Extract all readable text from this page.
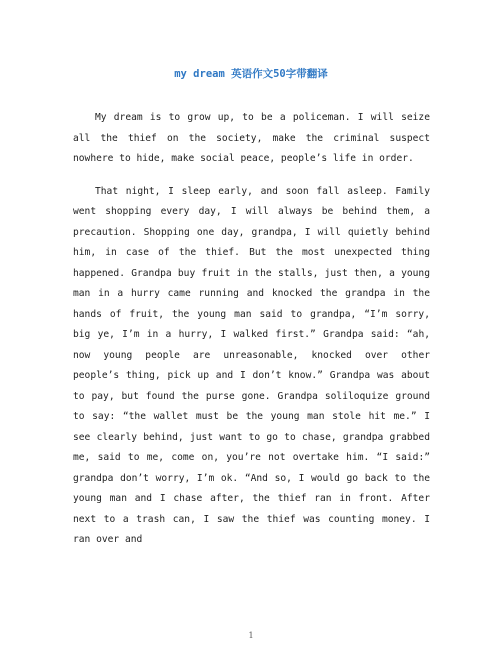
my dream 英语作文50字带翻译

My dream is to grow up, to be a policeman. I will seize all the thief on the society, make the criminal suspect nowhere to hide, make social peace, people’s life in order.

That night, I sleep early, and soon fall asleep. Family went shopping every day, I will always be behind them, a precaution. Shopping one day, grandpa, I will quietly behind him, in case of the thief. But the most unexpected thing happened. Grandpa buy fruit in the stalls, just then, a young man in a hurry came running and knocked the grandpa in the hands of fruit, the young man said to grandpa, “I’m sorry, big ye, I’m in a hurry, I walked first.” Grandpa said: “ah, now young people are unreasonable, knocked over other people’s thing, pick up and I don’t know.” Grandpa was about to pay, but found the purse gone. Grandpa soliloquize ground to say: “the wallet must be the young man stole hit me.” I see clearly behind, just want to go to chase, grandpa grabbed me, said to me, come on, you’re not overtake him. “I said:” grandpa don’t worry, I’m ok. “And so, I would go back to the young man and I chase after, the thief ran in front. After next to a trash can, I saw the thief was counting money. I ran over and

1
